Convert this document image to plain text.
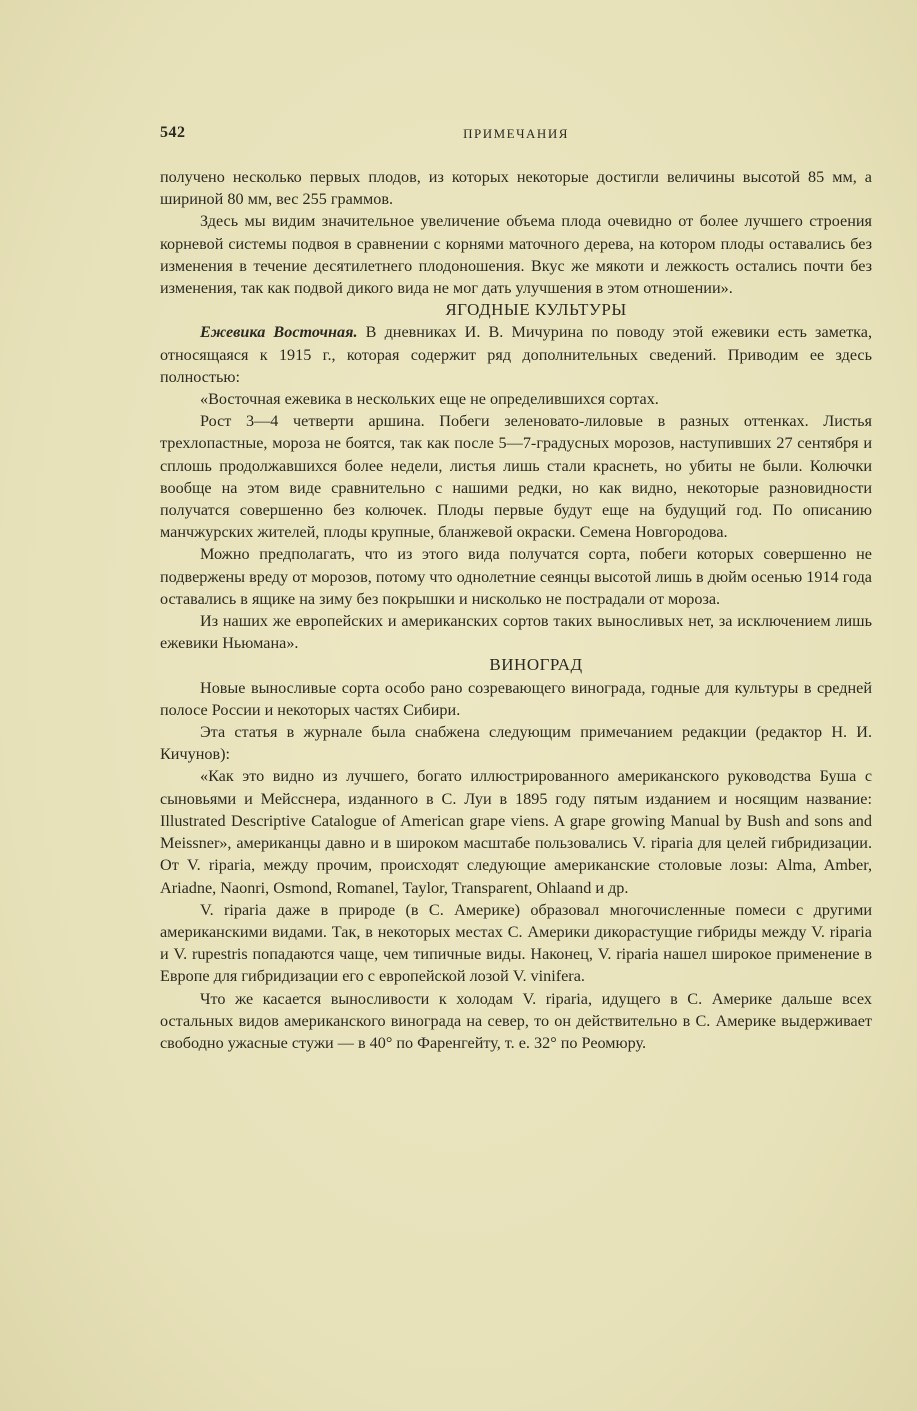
542	ПРИМЕЧАНИЯ

получено несколько первых плодов, из которых некоторые достигли величины высотой 85 мм, а шириной 80 мм, вес 255 граммов.

Здесь мы видим значительное увеличение объема плода очевидно от более лучшего строения корневой системы подвоя в сравнении с корнями маточного дерева, на котором плоды оставались без изменения в течение десятилетнего плодоношения. Вкус же мякоти и лежкость остались почти без изменения, так как подвой дикого вида не мог дать улучшения в этом отношении».

ЯГОДНЫЕ КУЛЬТУРЫ

Ежевика Восточная. В дневниках И. В. Мичурина по поводу этой ежевики есть заметка, относящаяся к 1915 г., которая содержит ряд дополнительных сведений. Приводим ее здесь полностью:

«Восточная ежевика в нескольких еще не определившихся сортах.

Рост 3—4 четверти аршина. Побеги зеленовато-лиловые в разных оттенках. Листья трехлопастные, мороза не боятся, так как после 5—7-градусных морозов, наступивших 27 сентября и сплошь продолжавшихся более недели, листья лишь стали краснеть, но убиты не были. Колючки вообще на этом виде сравнительно с нашими редки, но как видно, некоторые разновидности получатся совершенно без колючек. Плоды первые будут еще на будущий год. По описанию манчжурских жителей, плоды крупные, бланжевой окраски. Семена Новгородова.

Можно предполагать, что из этого вида получатся сорта, побеги которых совершенно не подвержены вреду от морозов, потому что однолетние сеянцы высотой лишь в дюйм осенью 1914 года оставались в ящике на зиму без покрышки и нисколько не пострадали от мороза.

Из наших же европейских и американских сортов таких выносливых нет, за исключением лишь ежевики Ньюмана».

ВИНОГРАД

Новые выносливые сорта особо рано созревающего винограда, годные для культуры в средней полосе России и некоторых частях Сибири.

Эта статья в журнале была снабжена следующим примечанием редакции (редактор Н. И. Кичунов):

«Как это видно из лучшего, богато иллюстрированного американского руководства Буша с сыновьями и Мейсснера, изданного в С. Луи в 1895 году пятым изданием и носящим название: Illustrated Descriptive Catalogue of American grape viens. A grape growing Manual by Bush and sons and Meissner», американцы давно и в широком масштабе пользовались V. riparia для целей гибридизации. От V. riparia, между прочим, происходят следующие американские столовые лозы: Alma, Amber, Ariadne, Naonri, Osmond, Romanel, Taylor, Transparent, Ohlaand и др.

V. riparia даже в природе (в С. Америке) образовал многочисленные помеси с другими американскими видами. Так, в некоторых местах С. Америки дикорастущие гибриды между V. riparia и V. rupestris попадаются чаще, чем типичные виды. Наконец, V. riparia нашел широкое применение в Европе для гибридизации его с европейской лозой V. vinifera.

Что же касается выносливости к холодам V. riparia, идущего в С. Америке дальше всех остальных видов американского винограда на север, то он действительно в С. Америке выдерживает свободно ужасные стужи — в 40° по Фаренгейту, т. е. 32° по Реомюру.
